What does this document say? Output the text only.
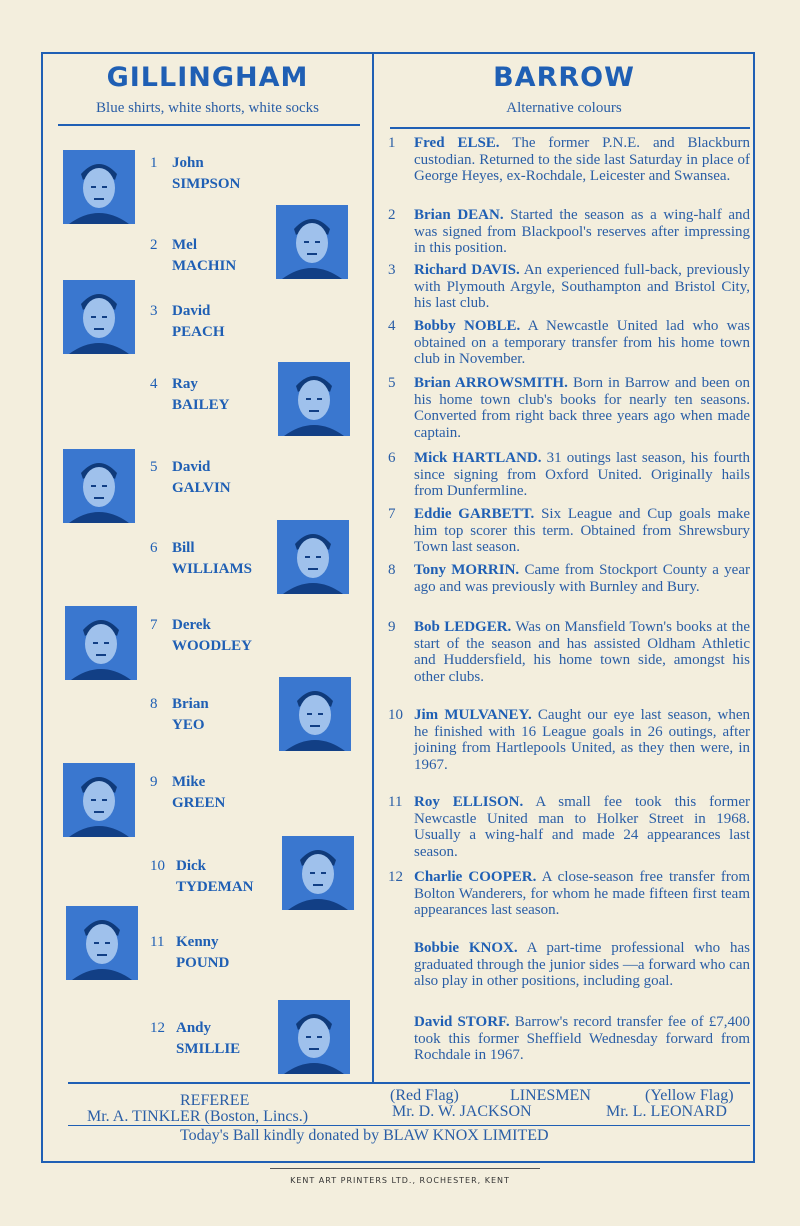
GILLINGHAM
Blue shirts, white shorts, white socks
BARROW
Alternative colours
1 John
SIMPSON
2 Mel
MACHIN
3 David
PEACH
4 Ray
BAILEY
5 David
GALVIN
6 Bill
WILLIAMS
7 Derek
WOODLEY
8 Brian
YEO
9 Mike
GREEN
10 Dick
TYDEMAN
11 Kenny
POUND
12 Andy
SMILLIE
1 Fred ELSE. The former P.N.E. and Blackburn custodian. Returned to the side last Saturday in place of George Heyes, ex-Rochdale, Leicester and Swansea.
2 Brian DEAN. Started the season as a wing-half and was signed from Blackpool's reserves after impressing in this position.
3 Richard DAVIS. An experienced full-back, previously with Plymouth Argyle, Southampton and Bristol City, his last club.
4 Bobby NOBLE. A Newcastle United lad who was obtained on a temporary transfer from his home town club in November.
5 Brian ARROWSMITH. Born in Barrow and been on his home town club's books for nearly ten seasons. Converted from right back three years ago when made captain.
6 Mick HARTLAND. 31 outings last season, his fourth since signing from Oxford United. Originally hails from Dunfermline.
7 Eddie GARBETT. Six League and Cup goals make him top scorer this term. Obtained from Shrewsbury Town last season.
8 Tony MORRIN. Came from Stockport County a year ago and was previously with Burnley and Bury.
9 Bob LEDGER. Was on Mansfield Town's books at the start of the season and has assisted Oldham Athletic and Huddersfield, his home town side, amongst his other clubs.
10 Jim MULVANEY. Caught our eye last season, when he finished with 16 League goals in 26 outings, after joining from Hartlepools United, as they then were, in 1967.
11 Roy ELLISON. A small fee took this former Newcastle United man to Holker Street in 1968. Usually a wing-half and made 24 appearances last season.
12 Charlie COOPER. A close-season free transfer from Bolton Wanderers, for whom he made fifteen first team appearances last season.
Bobbie KNOX. A part-time professional who has graduated through the junior sides —a forward who can also play in other positions, including goal.
David STORF. Barrow's record transfer fee of £7,400 took this former Sheffield Wednesday forward from Rochdale in 1967.
REFEREE
Mr. A. TINKLER (Boston, Lincs.)
(Red Flag)	LINESMEN	(Yellow Flag)
Mr. D. W. JACKSON	Mr. L. LEONARD
Today's Ball kindly donated by BLAW KNOX LIMITED
KENT ART PRINTERS LTD., ROCHESTER, KENT
